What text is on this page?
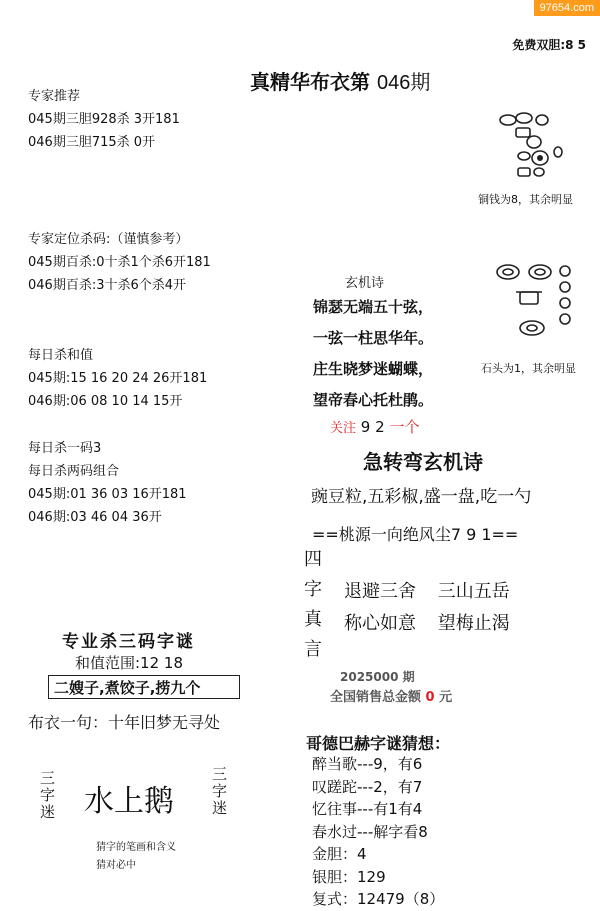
97654.com
免费双胆:8 5
真精华布衣第 046期
专家推荐
045期三胆928杀 3开181
046期三胆715杀 0开
专家定位杀码:（谨慎参考）
045期百杀:0十杀1个杀6开181
046期百杀:3十杀6个杀4开
每日杀和值
045期:15 16 20 24 26开181
046期:06 08 10 14 15开
每日杀一码3
每日杀两码组合
045期:01 36 03 16开181
046期:03 46 04 36开
铜钱为8，其余明显
玄机诗
锦瑟无端五十弦，
一弦一柱思华年。
庄生晓梦迷蝴蝶，
望帝春心托杜鹃。
石头为1，其余明显
关注 9 2 一个
急转弯玄机诗
豌豆粒,五彩椒,盛一盘,吃一勺
==桃源一向绝风尘7 9 1==
四
字
真
言
退避三舍 三山五岳
称心如意 望梅止渴
2025000 期
全国销售总金额 0 元
专业杀三码字谜
和值范围:12 18
二嫂子,煮饺子,捞九个
布衣一句：十年旧梦无寻处
三
字
迷 水上鹅
三
字
迷
猜字的笔画和含义
猜对必中
哥德巴赫字谜猜想：
醉当歌---9，有6
叹蹉跎---2，有7
忆往事---有1有4
春水过---解字看8
金胆：4
银胆：129
复式：12479（8）
